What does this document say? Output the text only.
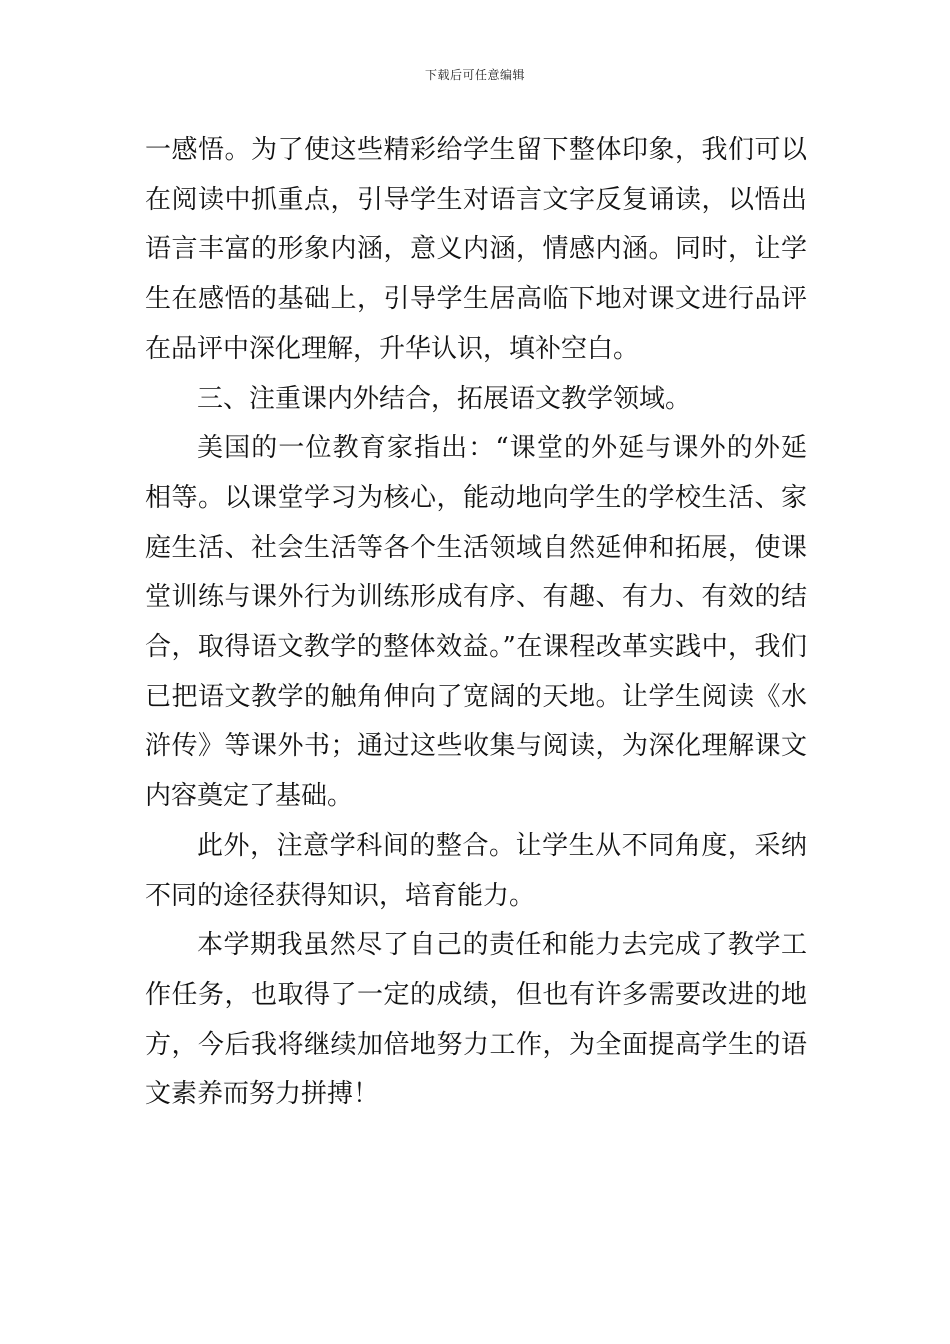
下载后可任意编辑

一感悟。为了使这些精彩给学生留下整体印象，我们可以在阅读中抓重点，引导学生对语言文字反复诵读，以悟出语言丰富的形象内涵，意义内涵，情感内涵。同时，让学生在感悟的基础上，引导学生居高临下地对课文进行品评在品评中深化理解，升华认识，填补空白。

三、注重课内外结合，拓展语文教学领域。

美国的一位教育家指出：“课堂的外延与课外的外延相等。以课堂学习为核心，能动地向学生的学校生活、家庭生活、社会生活等各个生活领域自然延伸和拓展，使课堂训练与课外行为训练形成有序、有趣、有力、有效的结合，取得语文教学的整体效益。”在课程改革实践中，我们已把语文教学的触角伸向了宽阔的天地。让学生阅读《水浒传》等课外书；通过这些收集与阅读，为深化理解课文内容奠定了基础。

此外，注意学科间的整合。让学生从不同角度，采纳不同的途径获得知识，培育能力。

本学期我虽然尽了自己的责任和能力去完成了教学工作任务，也取得了一定的成绩，但也有许多需要改进的地方，今后我将继续加倍地努力工作，为全面提高学生的语文素养而努力拼搏！
